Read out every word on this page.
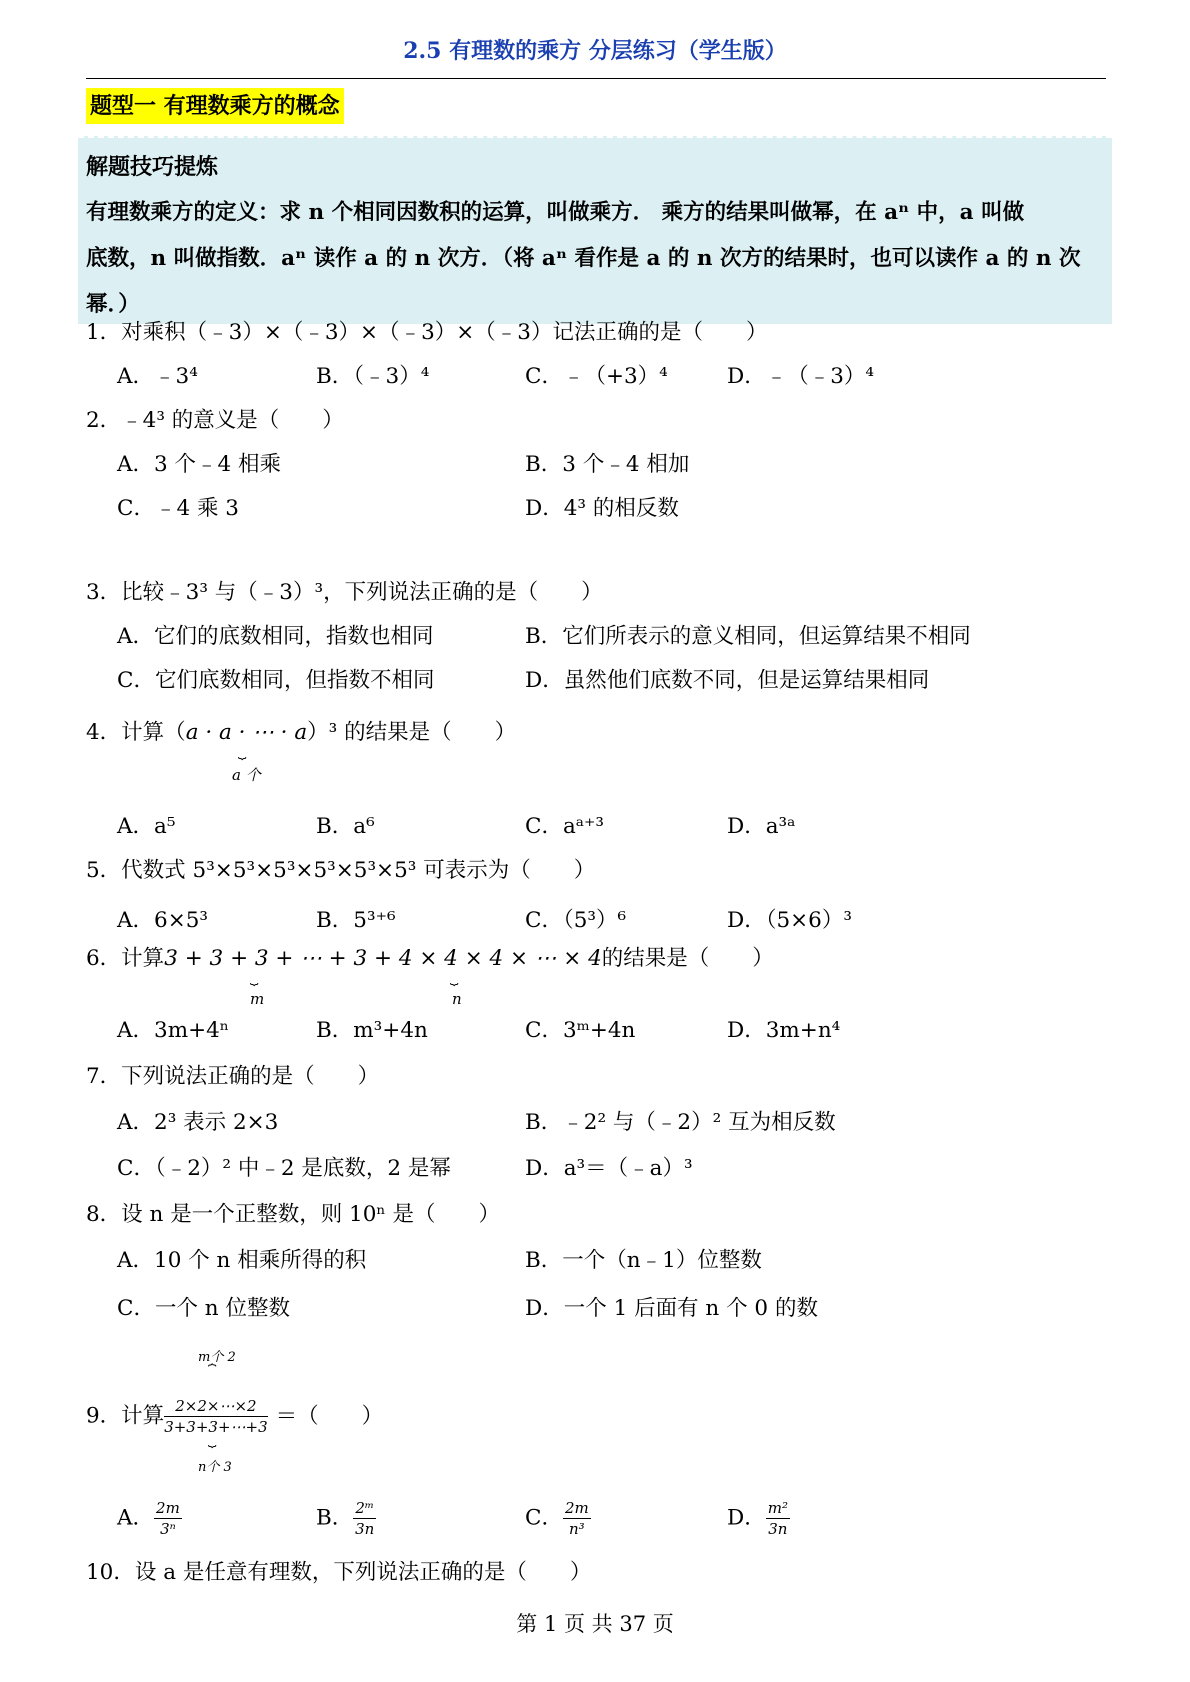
2.5 有理数的乘方 分层练习（学生版）
题型一 有理数乘方的概念
解题技巧提炼
有理数乘方的定义：求 n 个相同因数积的运算，叫做乘方． 乘方的结果叫做幂，在 aⁿ 中，a 叫做
底数，n 叫做指数．aⁿ 读作 a 的 n 次方．（将 aⁿ 看作是 a 的 n 次方的结果时，也可以读作 a 的 n 次
幂．）
1．对乘积（﹣3）×（﹣3）×（﹣3）×（﹣3）记法正确的是（　　）
A．﹣3⁴	B．（﹣3）⁴	C．﹣（+3）⁴	D．﹣（﹣3）⁴
2．﹣4³ 的意义是（　　）
A．3 个﹣4 相乘	B．3 个﹣4 相加
C．﹣4 乘 3	D．4³ 的相反数
3．比较﹣3³ 与（﹣3）³，下列说法正确的是（　　）
A．它们的底数相同，指数也相同	B．它们所表示的意义相同，但运算结果不相同
C．它们底数相同，但指数不相同	D．虽然他们底数不同，但是运算结果相同
4．计算（a · a · ⋯ · a）³ 的结果是（　　）
⏟
a 个
A．a⁵	B．a⁶	C．aᵃ⁺³	D．a³ᵃ
5．代数式 5³×5³×5³×5³×5³×5³ 可表示为（　　）
A．6×5³	B．5³⁺⁶	C．（5³）⁶	D．（5×6）³
6．计算3 + 3 + 3 + ⋯ + 3 + 4 × 4 × 4 × ⋯ × 4的结果是（　　）
⏟
m
⏟
n
A．3m+4ⁿ	B．m³+4n	C．3ᵐ+4n	D．3m+n⁴
7．下列说法正确的是（　　）
A．2³ 表示 2×3	B．﹣2² 与（﹣2）² 互为相反数
C．（﹣2）² 中﹣2 是底数，2 是幂	D．a³＝（﹣a）³
8．设 n 是一个正整数，则 10ⁿ 是（　　）
A．10 个 n 相乘所得的积	B．一个（n﹣1）位整数
C．一个 n 位整数	D．一个 1 后面有 n 个 0 的数
m个 2
⏞
9．计算 $\frac{2\times 2\times\cdots\times 2}{3+3+3+\cdots+3}$ ＝（　　）
⏟
n个 3
A． $\frac{2m}{\text{3ⁿ}}$	B． $\frac{\text{2ᵐ}}{3n}$	C． $\frac{2m}{\text{n³}}$	D． $\frac{\text{m²}}{3n}$
10．设 a 是任意有理数，下列说法正确的是（　　）
第 1 页 共 37 页
